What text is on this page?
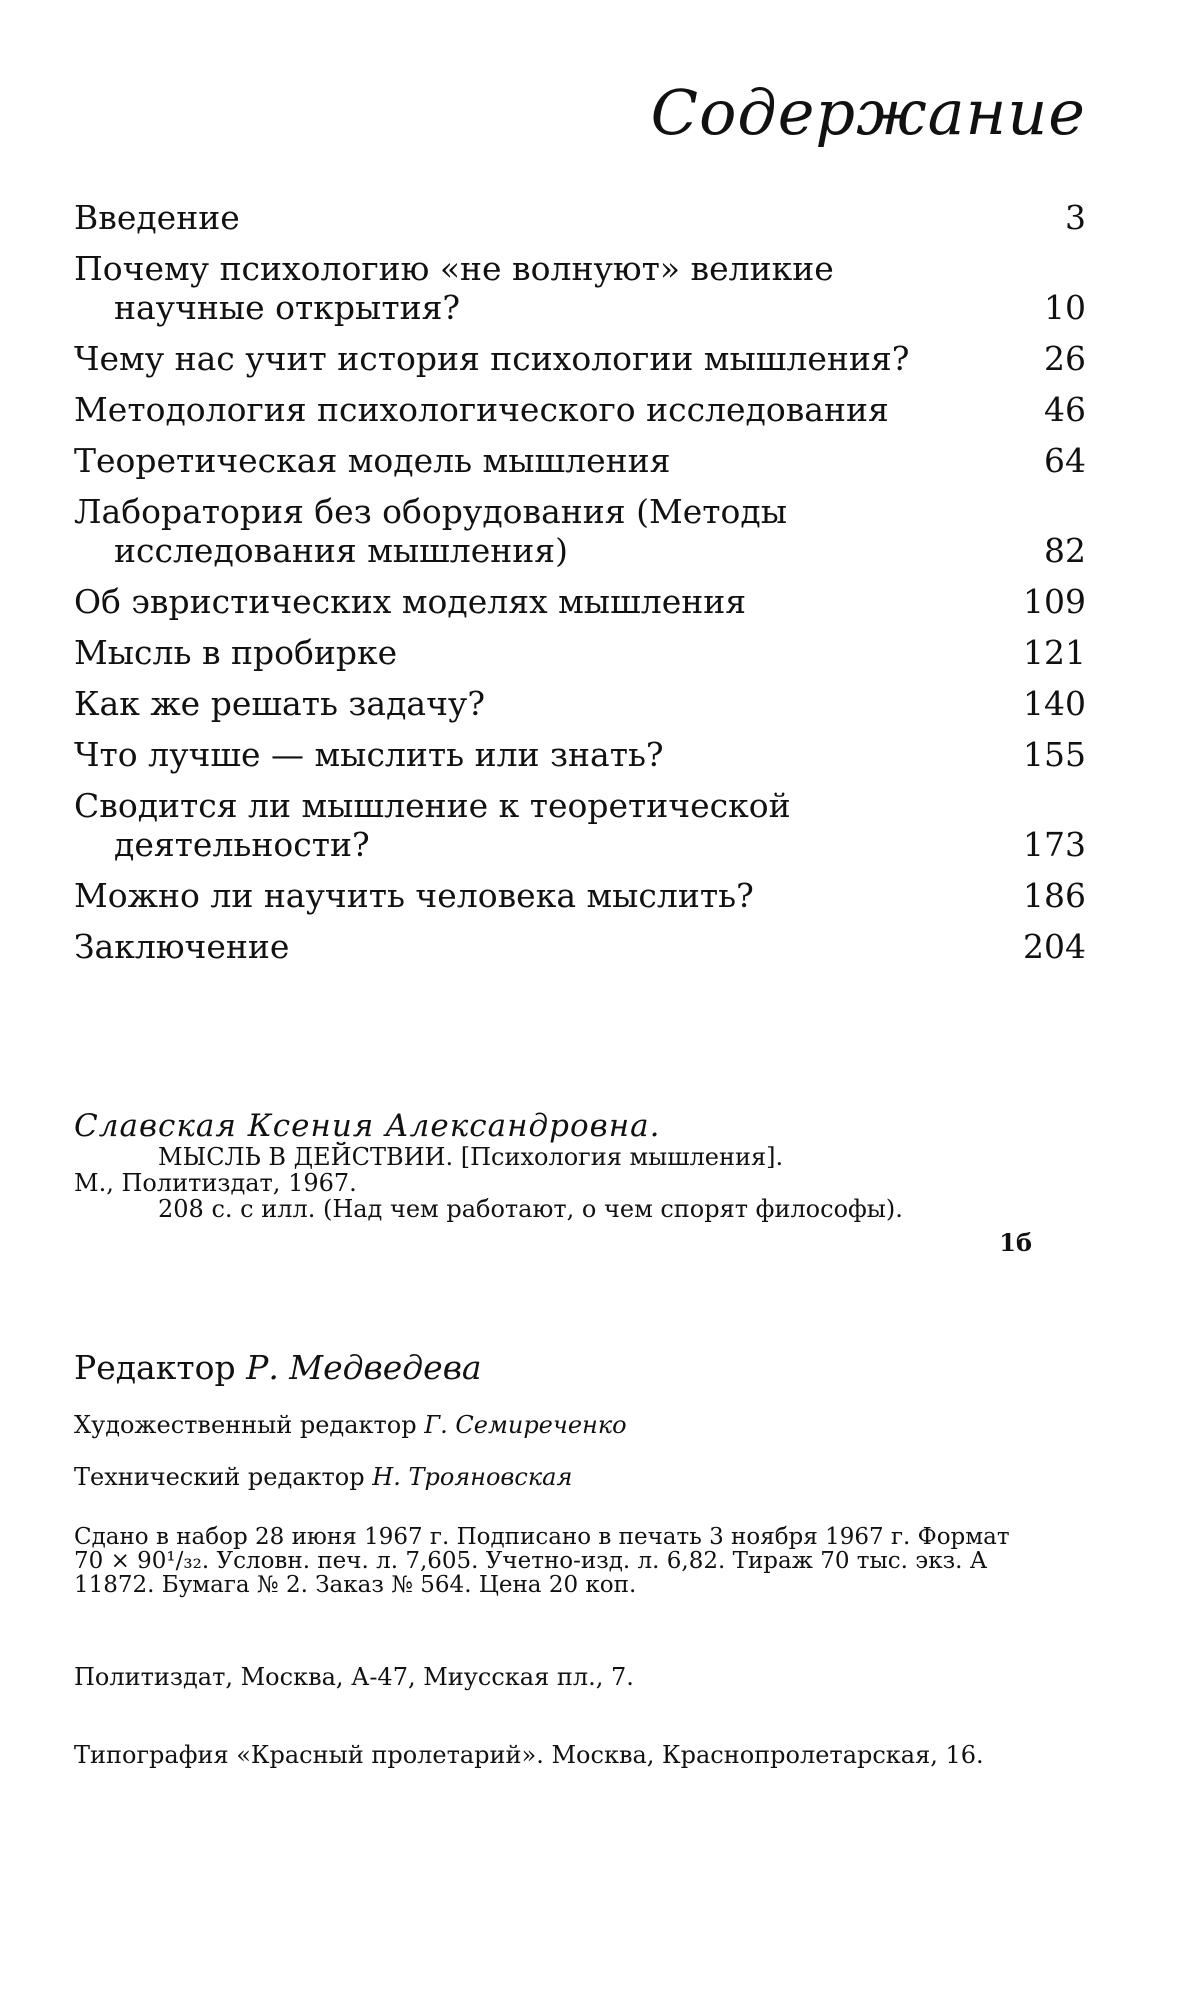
Содержание
Введение	3
Почему психологию «не волнуют» великие научные открытия?	10
Чему нас учит история психологии мышления?	26
Методология психологического исследования	46
Теоретическая модель мышления	64
Лаборатория без оборудования (Методы исследования мышления)	82
Об эвристических моделях мышления	109
Мысль в пробирке	121
Как же решать задачу?	140
Что лучше — мыслить или знать?	155
Сводится ли мышление к теоретической деятельности?	173
Можно ли научить человека мыслить?	186
Заключение	204
Славская Ксения Александровна.
МЫСЛЬ В ДЕЙСТВИИ. [Психология мышления].
М., Политиздат, 1967.
208 с. с илл. (Над чем работают, о чем спорят философы).
1б
Редактор Р. Медведева
Художественный редактор Г. Семиреченко
Технический редактор Н. Трояновская
Сдано в набор 28 июня 1967 г. Подписано в печать 3 ноября 1967 г. Формат 70 × 90¹/₃₂. Условн. печ. л. 7,605. Учетно-изд. л. 6,82. Тираж 70 тыс. экз. А 11872. Бумага № 2. Заказ № 564. Цена 20 коп.
Политиздат, Москва, А-47, Миусская пл., 7.
Типография «Красный пролетарий». Москва, Краснопролетарская, 16.
